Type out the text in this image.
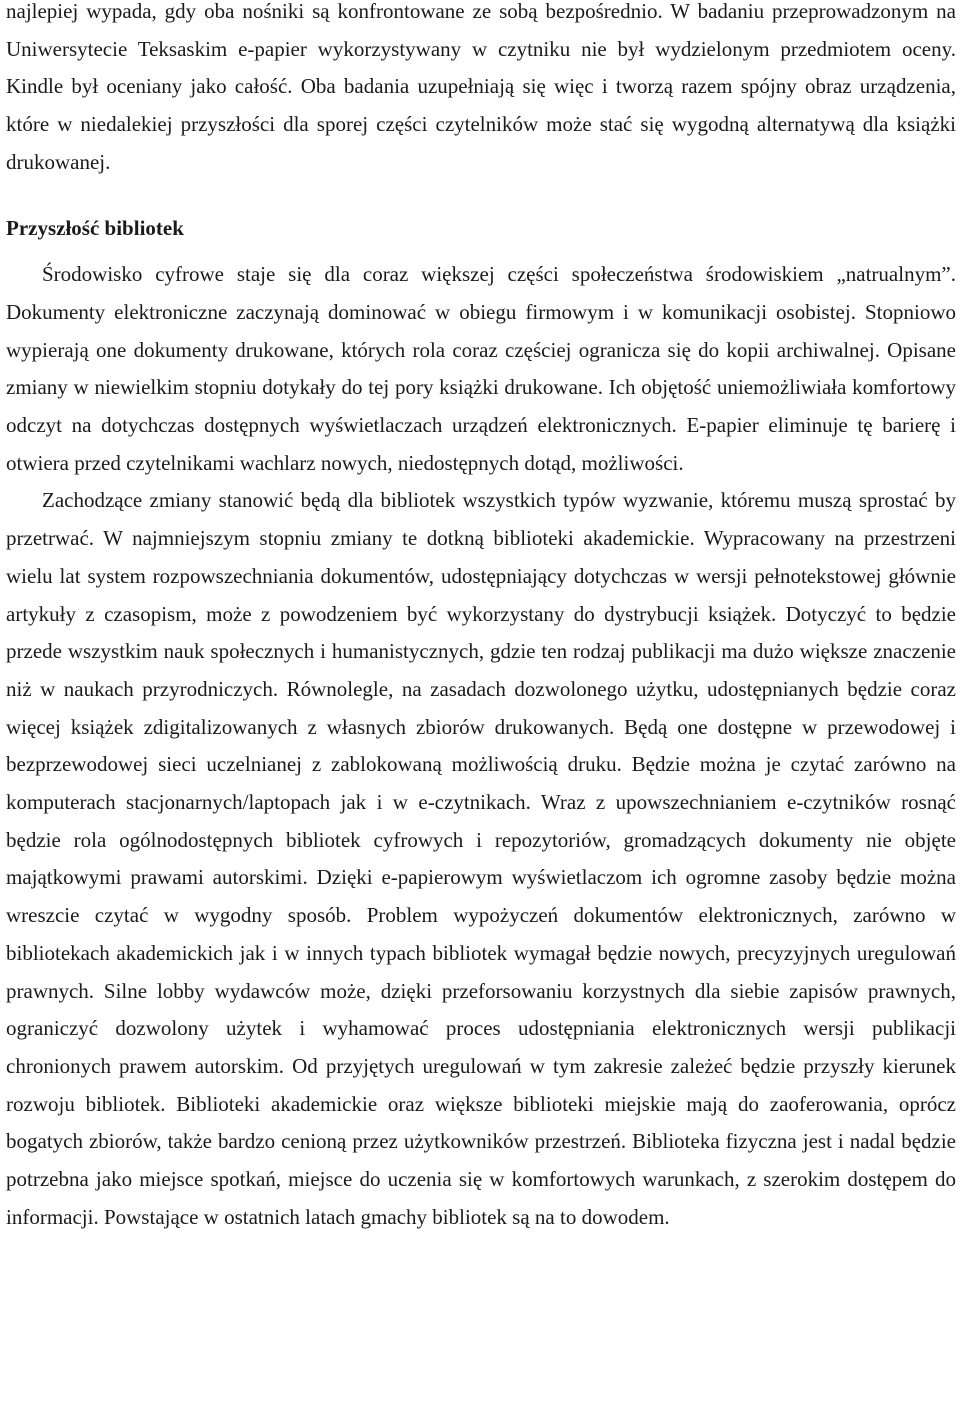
najlepiej wypada, gdy oba nośniki są konfrontowane ze sobą bezpośrednio. W badaniu przeprowadzonym na Uniwersytecie Teksaskim e-papier wykorzystywany w czytniku nie był wydzielonym przedmiotem oceny. Kindle był oceniany jako całość. Oba badania uzupełniają się więc i tworzą razem spójny obraz urządzenia, które w niedalekiej przyszłości dla sporej części czytelników może stać się wygodną alternatywą dla książki drukowanej.

Przyszłość bibliotek

Środowisko cyfrowe staje się dla coraz większej części społeczeństwa środowiskiem „natrualnym”. Dokumenty elektroniczne zaczynają dominować w obiegu firmowym i w komunikacji osobistej. Stopniowo wypierają one dokumenty drukowane, których rola coraz częściej ogranicza się do kopii archiwalnej. Opisane zmiany w niewielkim stopniu dotykały do tej pory książki drukowane. Ich objętość uniemożliwiała komfortowy odczyt na dotychczas dostępnych wyświetlaczach urządzeń elektronicznych. E-papier eliminuje tę barierę i otwiera przed czytelnikami wachlarz nowych, niedostępnych dotąd, możliwości.

Zachodzące zmiany stanowić będą dla bibliotek wszystkich typów wyzwanie, któremu muszą sprostać by przetrwać. W najmniejszym stopniu zmiany te dotkną biblioteki akademickie. Wypracowany na przestrzeni wielu lat system rozpowszechniania dokumentów, udostępniający dotychczas w wersji pełnotekstowej głównie artykuły z czasopism, może z powodzeniem być wykorzystany do dystrybucji książek. Dotyczyć to będzie przede wszystkim nauk społecznych i humanistycznych, gdzie ten rodzaj publikacji ma dużo większe znaczenie niż w naukach przyrodniczych. Równolegle, na zasadach dozwolonego użytku, udostępnianych będzie coraz więcej książek zdigitalizowanych z własnych zbiorów drukowanych. Będą one dostępne w przewodowej i bezprzewodowej sieci uczelnianej z zablokowaną możliwością druku. Będzie można je czytać zarówno na komputerach stacjonarnych/laptopach jak i w e-czytnikach. Wraz z upowszechnianiem e-czytników rosnąć będzie rola ogólnodostępnych bibliotek cyfrowych i repozytoriów, gromadzących dokumenty nie objęte majątkowymi prawami autorskimi. Dzięki e-papierowym wyświetlaczom ich ogromne zasoby będzie można wreszcie czytać w wygodny sposób. Problem wypożyczeń dokumentów elektronicznych, zarówno w bibliotekach akademickich jak i w innych typach bibliotek wymagał będzie nowych, precyzyjnych uregulowań prawnych. Silne lobby wydawców może, dzięki przeforsowaniu korzystnych dla siebie zapisów prawnych, ograniczyć dozwolony użytek i wyhamować proces udostępniania elektronicznych wersji publikacji chronionych prawem autorskim. Od przyjętych uregulowań w tym zakresie zależeć będzie przyszły kierunek rozwoju bibliotek. Biblioteki akademickie oraz większe biblioteki miejskie mają do zaoferowania, oprócz bogatych zbiorów, także bardzo cenioną przez użytkowników przestrzeń. Biblioteka fizyczna jest i nadal będzie potrzebna jako miejsce spotkań, miejsce do uczenia się w komfortowych warunkach, z szerokim dostępem do informacji. Powstające w ostatnich latach gmachy bibliotek są na to dowodem.
